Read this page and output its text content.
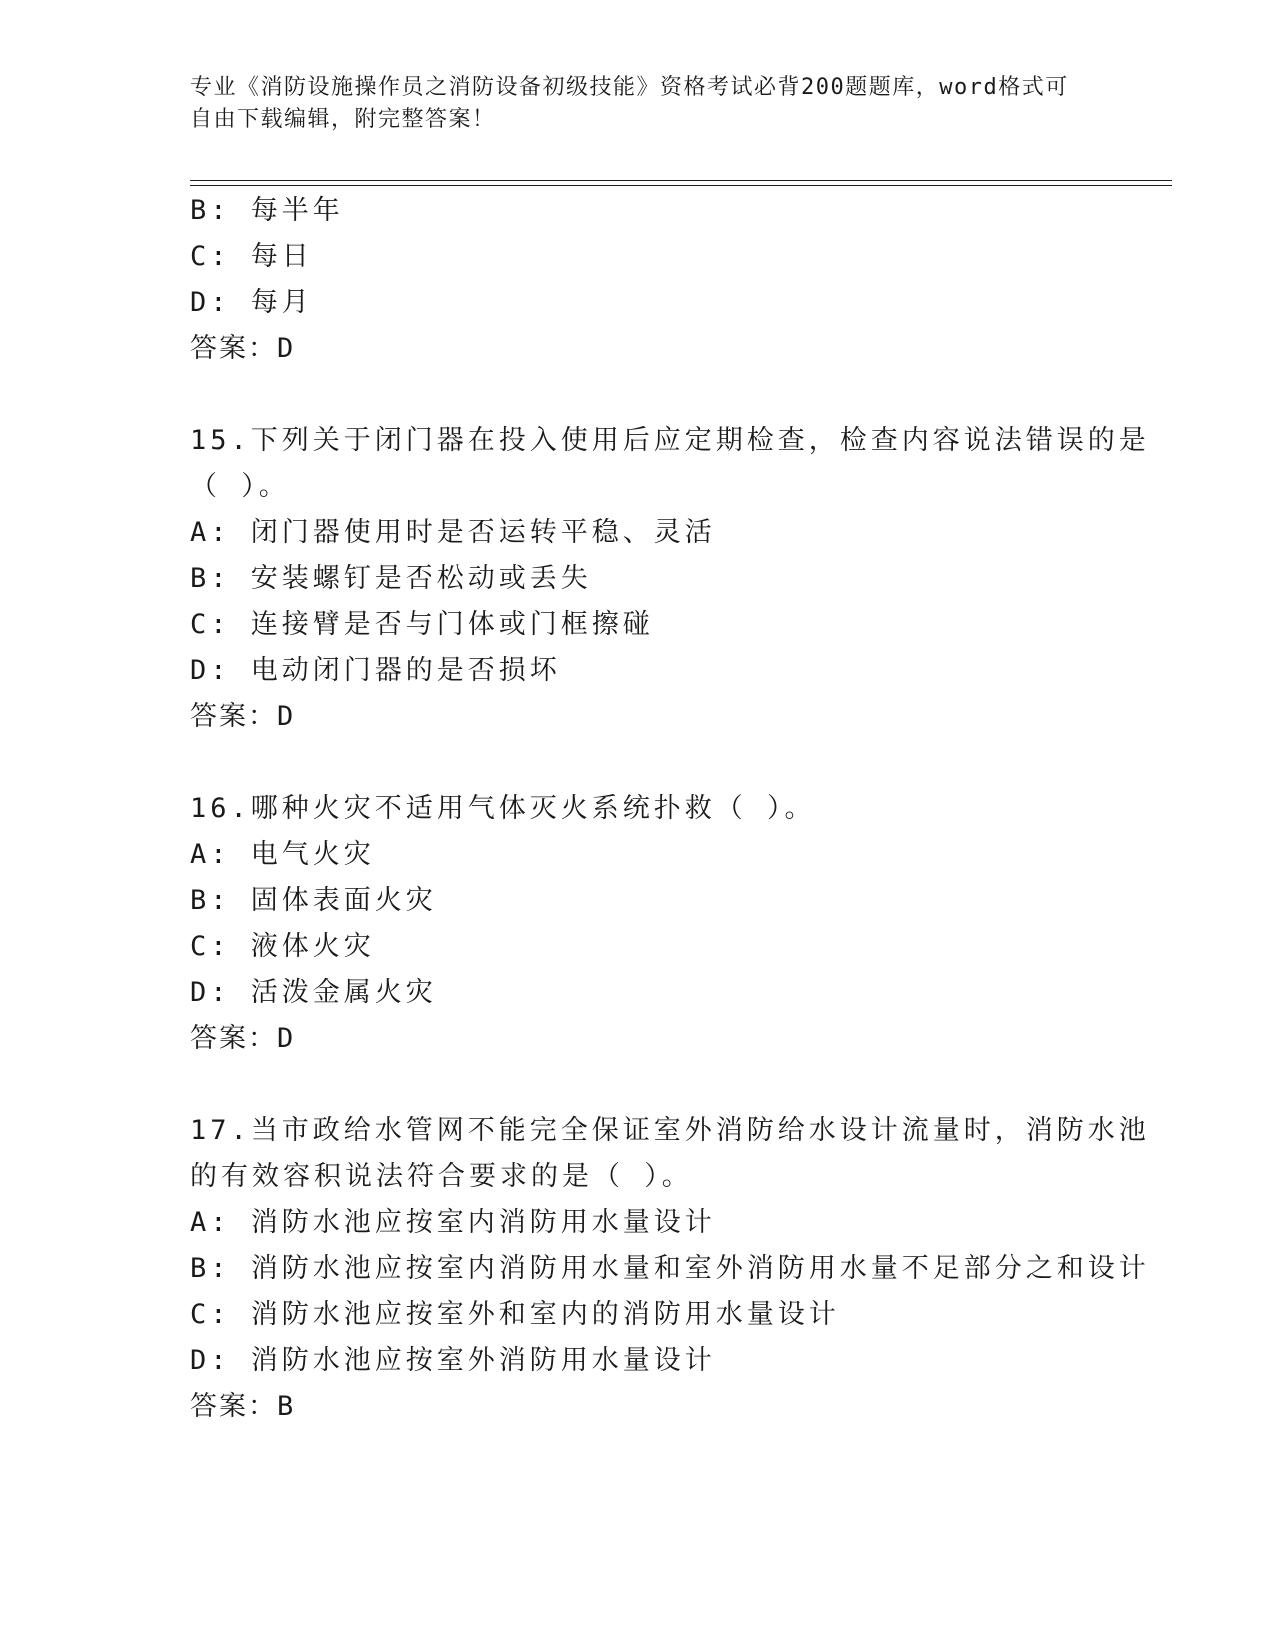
专业《消防设施操作员之消防设备初级技能》资格考试必背200题题库，word格式可自由下载编辑，附完整答案！
B: 每半年
C: 每日
D: 每月
答案：D
15.下列关于闭门器在投入使用后应定期检查，检查内容说法错误的是
（ ）。
A: 闭门器使用时是否运转平稳、灵活
B: 安装螺钉是否松动或丢失
C: 连接臂是否与门体或门框擦碰
D: 电动闭门器的是否损坏
答案：D
16.哪种火灾不适用气体灭火系统扑救（ ）。
A: 电气火灾
B: 固体表面火灾
C: 液体火灾
D: 活泼金属火灾
答案：D
17.当市政给水管网不能完全保证室外消防给水设计流量时，消防水池
的有效容积说法符合要求的是（ ）。
A: 消防水池应按室内消防用水量设计
B: 消防水池应按室内消防用水量和室外消防用水量不足部分之和设计
C: 消防水池应按室外和室内的消防用水量设计
D: 消防水池应按室外消防用水量设计
答案：B
